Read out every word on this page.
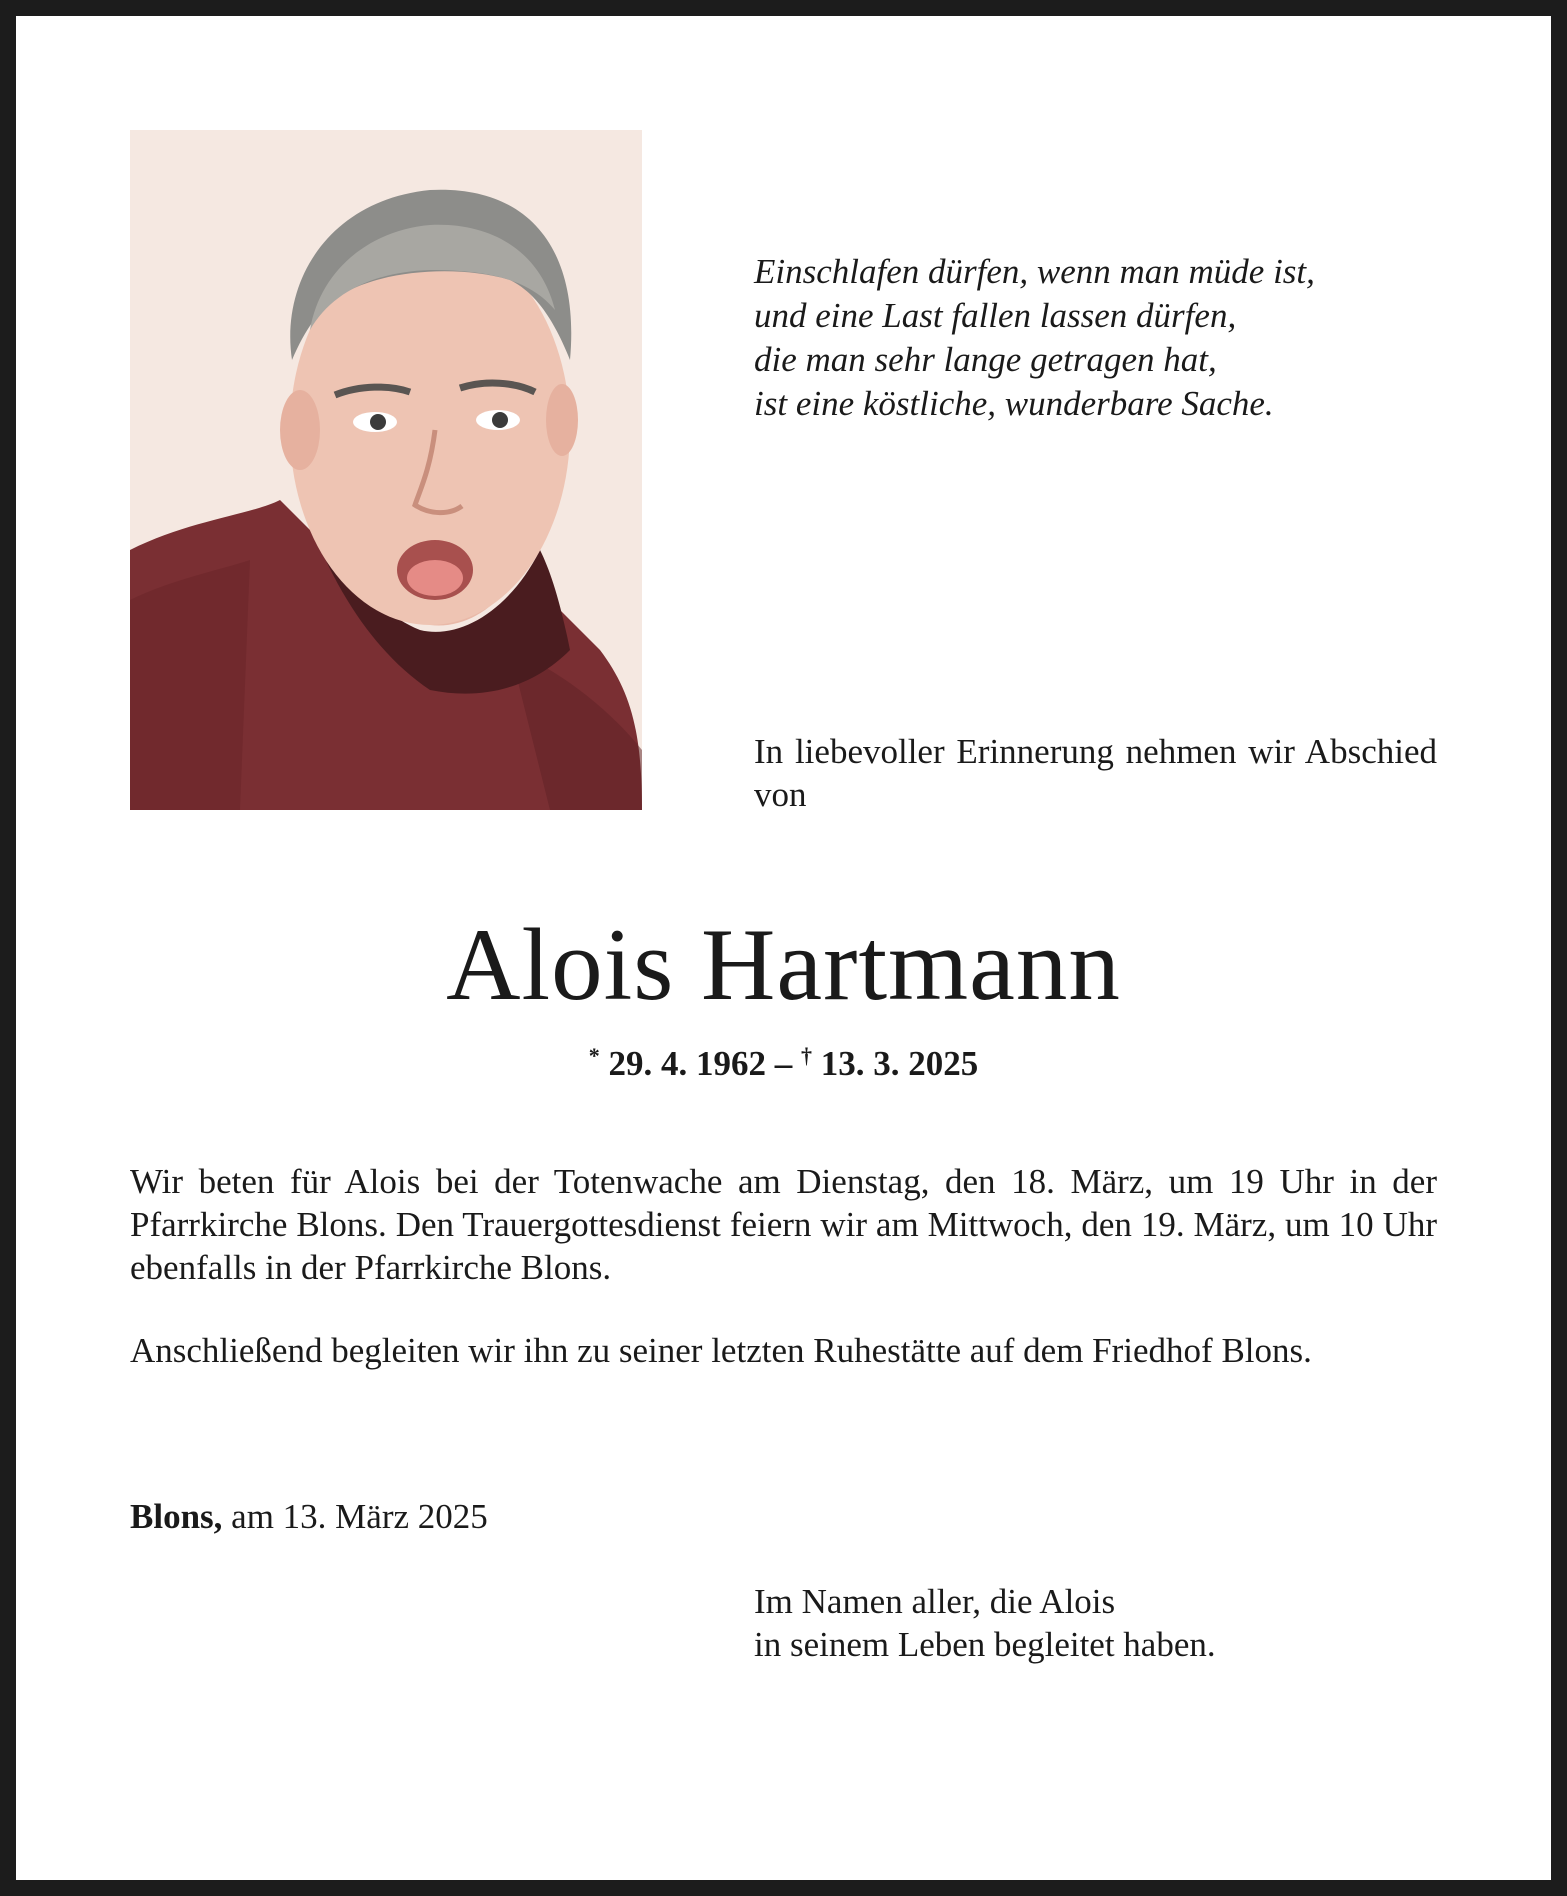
Einschlafen dürfen, wenn man müde ist,
und eine Last fallen lassen dürfen,
die man sehr lange getragen hat,
ist eine köstliche, wunderbare Sache.
In liebevoller Erinnerung nehmen wir Abschied von
Alois Hartmann
* 29. 4. 1962 – † 13. 3. 2025

Wir beten für Alois bei der Totenwache am Dienstag, den 18. März, um 19 Uhr in der Pfarrkirche Blons. Den Trauergottesdienst feiern wir am Mittwoch, den 19. März, um 10 Uhr ebenfalls in der Pfarrkirche Blons.

Anschließend begleiten wir ihn zu seiner letzten Ruhestätte auf dem Friedhof Blons.

Blons, am 13. März 2025
Im Namen aller, die Alois
in seinem Leben begleitet haben.
